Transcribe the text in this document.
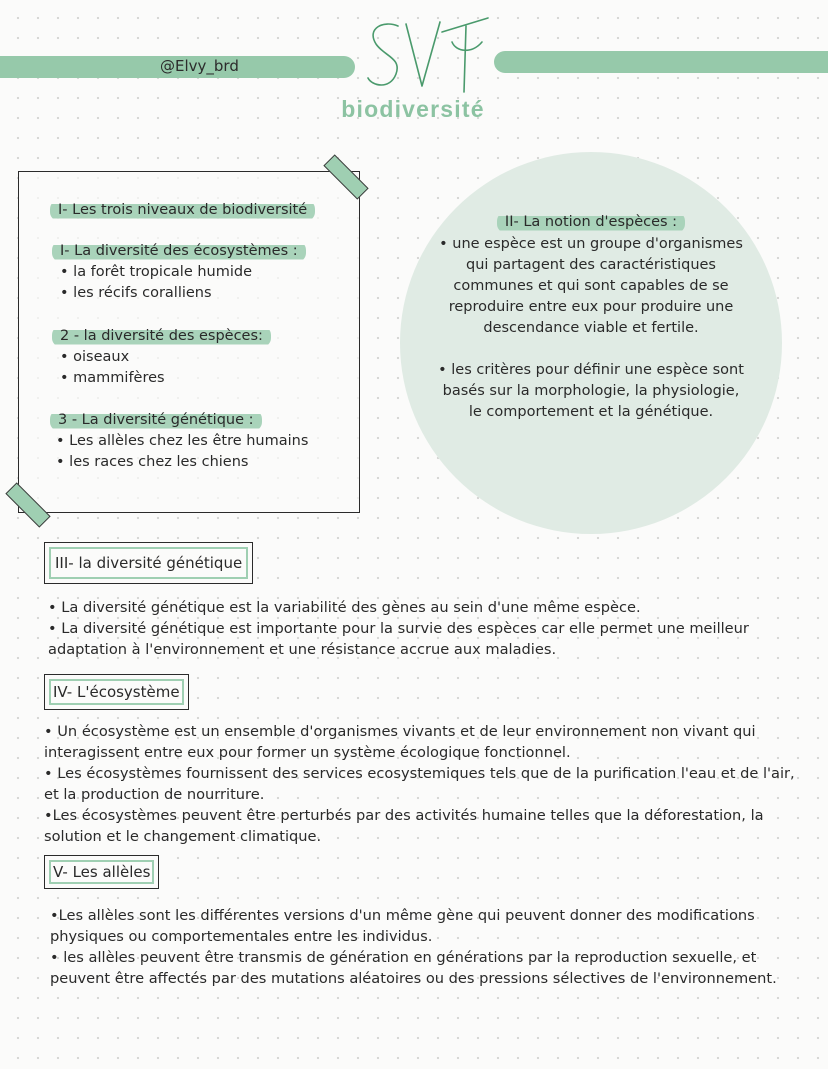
@Elvy_brd	SVT
biodiversité
I- Les trois niveaux de biodiversité
I- La diversité des écosystèmes :
• la forêt tropicale humide
• les récifs coralliens
2 - la diversité des espèces:
• oiseaux
• mammifères
3 - La diversité génétique :
• Les allèles chez les être humains
• les races chez les chiens
II- La notion d'espèces :

• une espèce est un groupe d'organismes qui partagent des caractéristiques communes et qui sont capables de se reproduire entre eux pour produire une descendance viable et fertile.

• les critères pour définir une espèce sont basés sur la morphologie, la physiologie, le comportement et la génétique.

III- la diversité génétique
• La diversité génétique est la variabilité des gènes au sein d'une même espèce.
• La diversité génétique est importante pour la survie des espèces car elle permet une meilleur
adaptation à l'environnement et une résistance accrue aux maladies.
IV- L'écosystème
• Un écosystème est un ensemble d'organismes vivants et de leur environnement non vivant qui
interagissent entre eux pour former un système écologique fonctionnel.
• Les écosystèmes fournissent des services ecosystemiques tels que de la purification l'eau et de l'air,
et la production de nourriture.
•Les écosystèmes peuvent être perturbés par des activités humaine telles que la déforestation, la
solution et le changement climatique.
V- Les allèles
•Les allèles sont les différentes versions d'un même gène qui peuvent donner des modifications
physiques ou comportementales entre les individus.
• les allèles peuvent être transmis de génération en générations par la reproduction sexuelle, et
peuvent être affectés par des mutations aléatoires ou des pressions sélectives de l'environnement.
